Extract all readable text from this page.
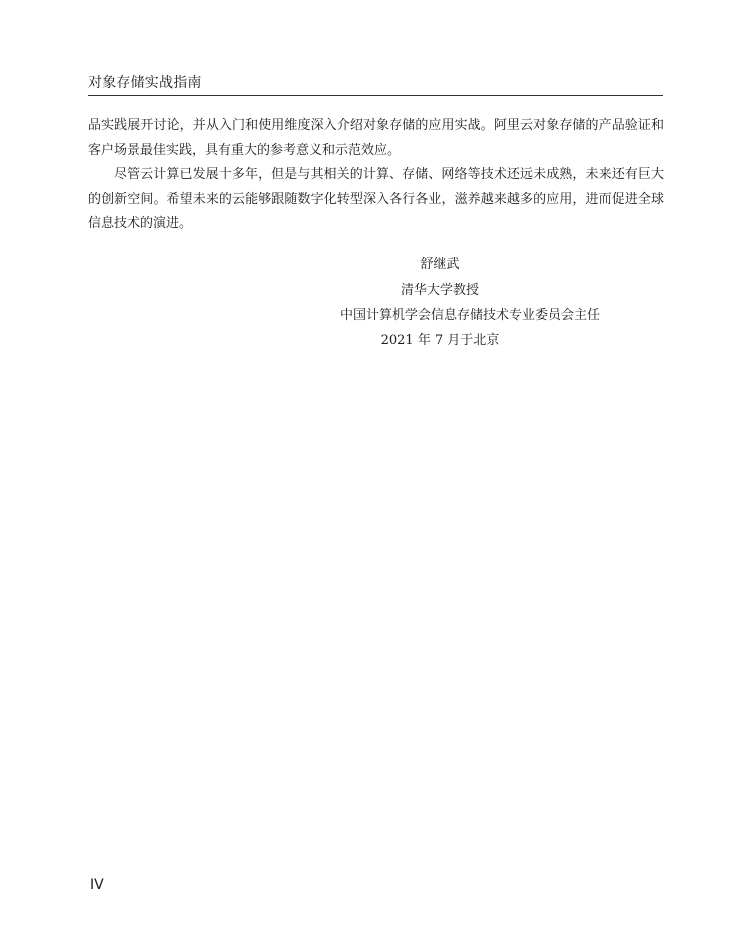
对象存储实战指南

品实践展开讨论，并从入门和使用维度深入介绍对象存储的应用实战。阿里云对象存储的产品验证和客户场景最佳实践，具有重大的参考意义和示范效应。

尽管云计算已发展十多年，但是与其相关的计算、存储、网络等技术还远未成熟，未来还有巨大的创新空间。希望未来的云能够跟随数字化转型深入各行各业，滋养越来越多的应用，进而促进全球信息技术的演进。

舒继武
清华大学教授
中国计算机学会信息存储技术专业委员会主任
2021 年 7 月于北京
IV
